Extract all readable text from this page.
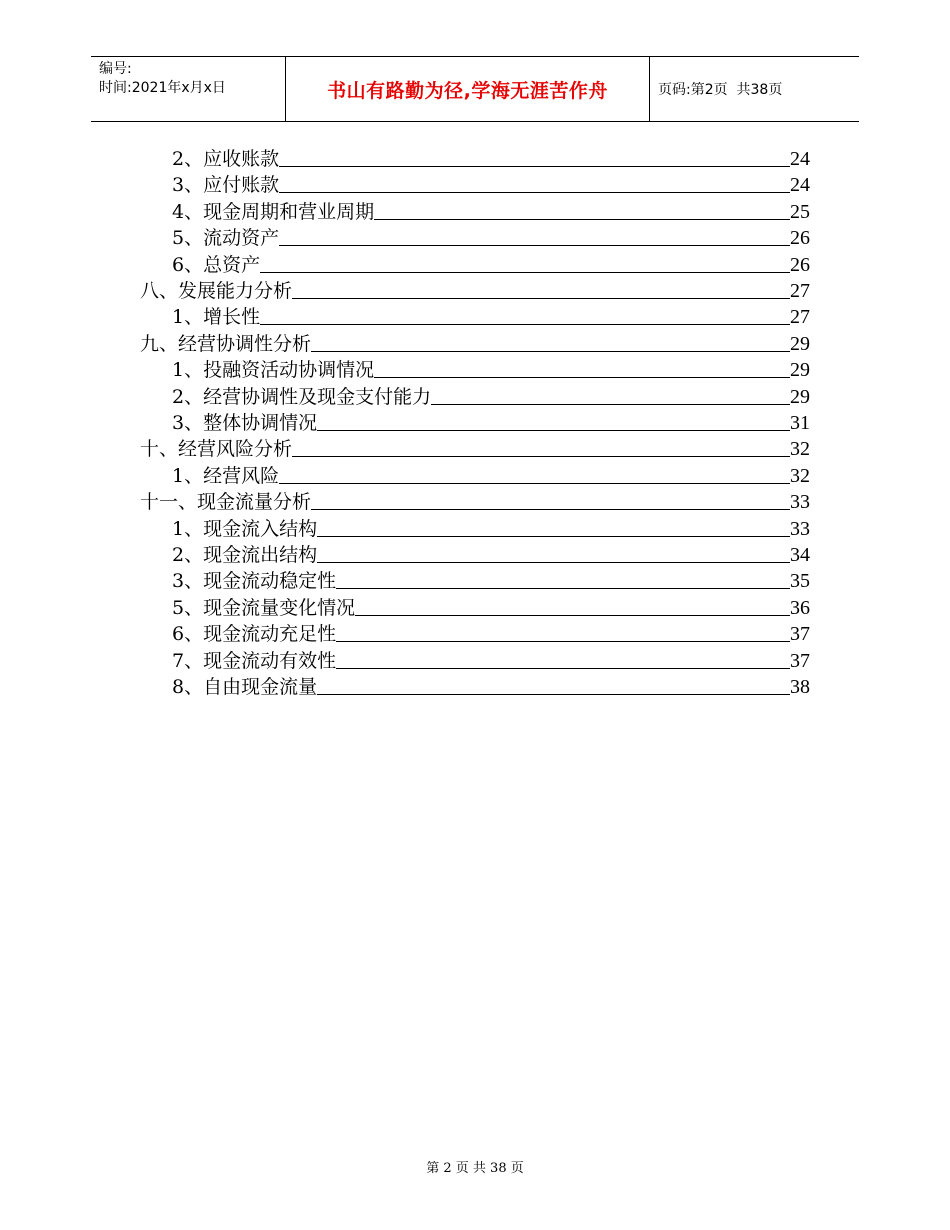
编号:
时间:2021年x月x日	书山有路勤为径,学海无涯苦作舟	页码:第2页  共38页
2、应收账款	24
3、应付账款	24
4、现金周期和营业周期	25
5、流动资产	26
6、总资产	26
八、发展能力分析	27
1、增长性	27
九、经营协调性分析	29
1、投融资活动协调情况	29
2、经营协调性及现金支付能力	29
3、整体协调情况	31
十、经营风险分析	32
1、经营风险	32
十一、现金流量分析	33
1、现金流入结构	33
2、现金流出结构	34
3、现金流动稳定性	35
5、现金流量变化情况	36
6、现金流动充足性	37
7、现金流动有效性	37
8、自由现金流量	38
第 2 页 共 38 页
